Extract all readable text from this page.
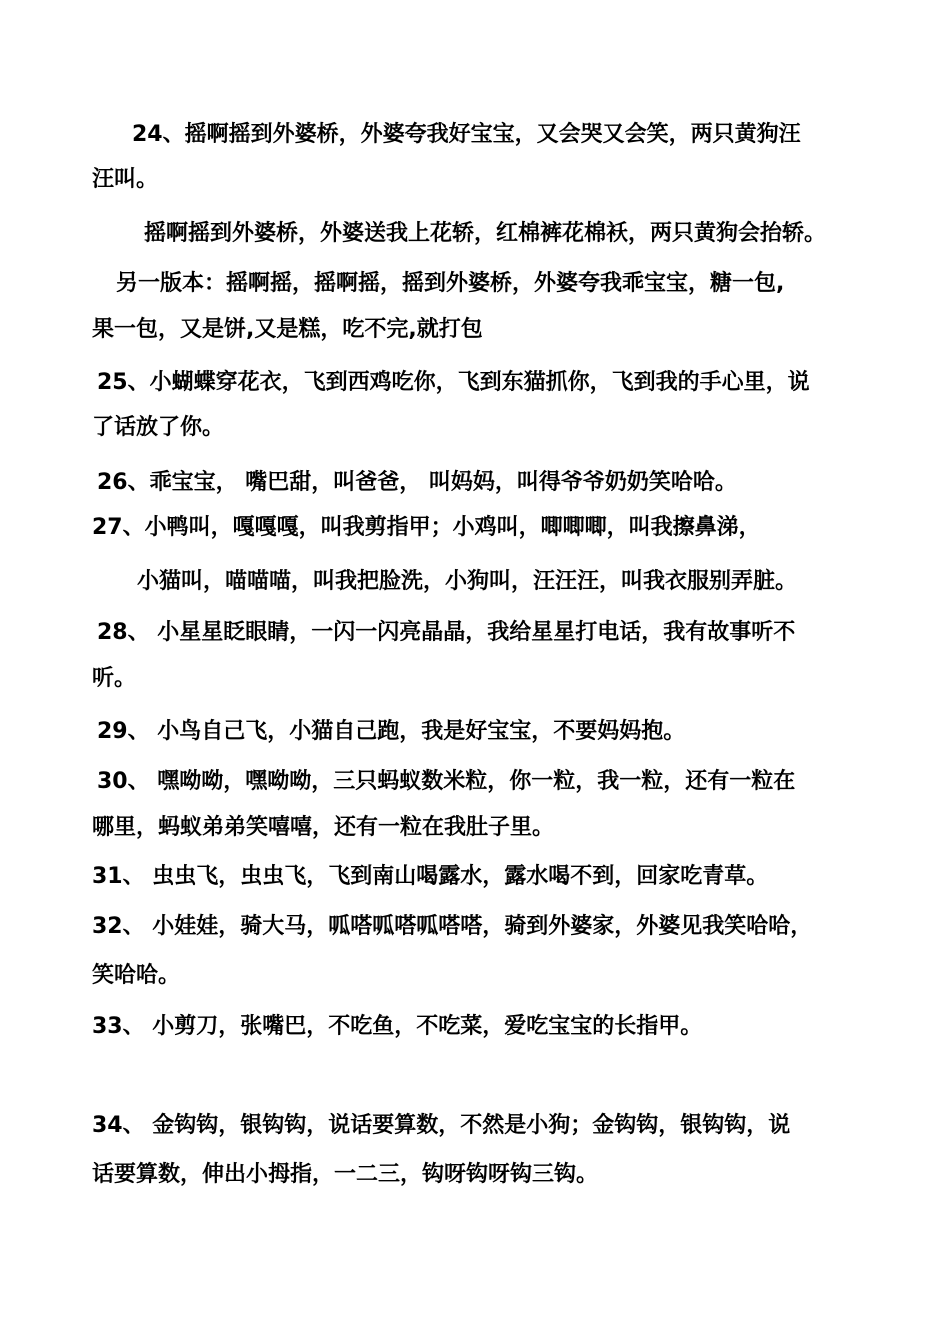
24、摇啊摇到外婆桥，外婆夸我好宝宝，又会哭又会笑，两只黄狗汪
汪叫。
摇啊摇到外婆桥，外婆送我上花轿，红棉裤花棉袄，两只黄狗会抬轿。
另一版本：摇啊摇，摇啊摇，摇到外婆桥，外婆夸我乖宝宝，糖一包,
果一包，又是饼,又是糕，吃不完,就打包
25、小蝴蝶穿花衣，飞到西鸡吃你，飞到东猫抓你，飞到我的手心里，说
了话放了你。
26、乖宝宝， 嘴巴甜，叫爸爸， 叫妈妈，叫得爷爷奶奶笑哈哈。
27、小鸭叫，嘎嘎嘎，叫我剪指甲；小鸡叫，唧唧唧，叫我擦鼻涕，
小猫叫，喵喵喵，叫我把脸洗，小狗叫，汪汪汪，叫我衣服别弄脏。
28、 小星星眨眼睛，一闪一闪亮晶晶，我给星星打电话，我有故事听不
听。
29、 小鸟自己飞，小猫自己跑，我是好宝宝，不要妈妈抱。
30、 嘿呦呦，嘿呦呦，三只蚂蚁数米粒，你一粒，我一粒，还有一粒在
哪里，蚂蚁弟弟笑嘻嘻，还有一粒在我肚子里。
31、 虫虫飞，虫虫飞，飞到南山喝露水，露水喝不到，回家吃青草。
32、 小娃娃，骑大马，呱嗒呱嗒呱嗒嗒，骑到外婆家，外婆见我笑哈哈，
笑哈哈。
33、 小剪刀，张嘴巴，不吃鱼，不吃菜，爱吃宝宝的长指甲。
34、 金钩钩，银钩钩，说话要算数，不然是小狗；金钩钩，银钩钩，说
话要算数，伸出小拇指，一二三，钩呀钩呀钩三钩。
